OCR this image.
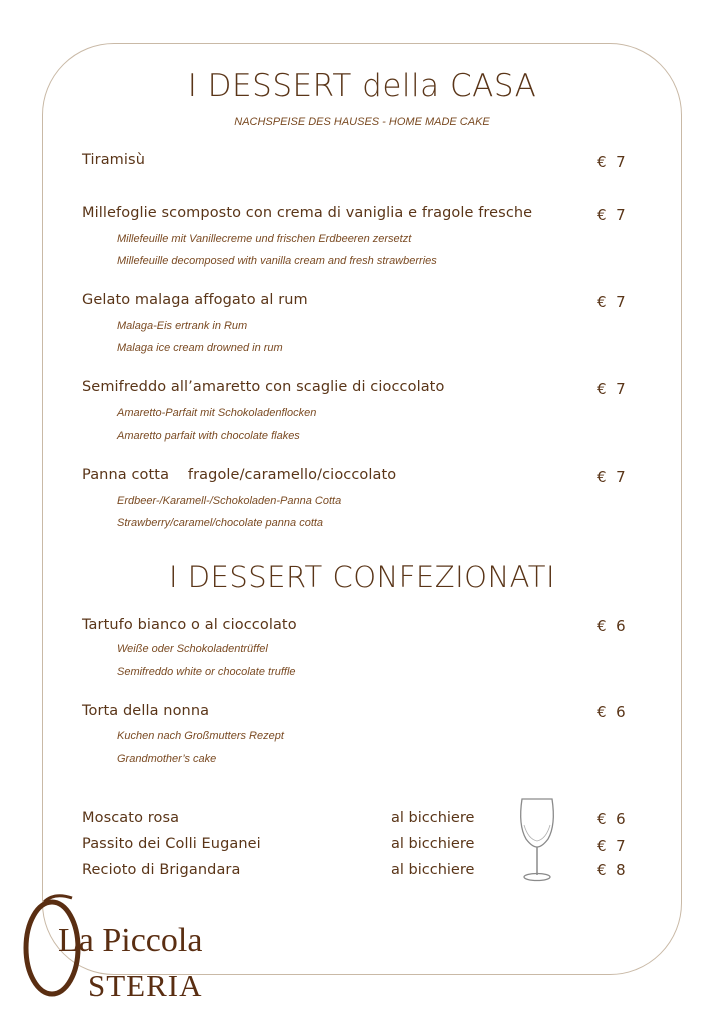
I DESSERT della CASA
NACHSPEISE DES HAUSES - HOME MADE CAKE
Tiramisù	€  7
Millefoglie scomposto con crema di vaniglia e fragole fresche	€  7
Millefeuille mit Vanillecreme und frischen Erdbeeren zersetzt
Millefeuille decomposed with vanilla cream and fresh strawberries
Gelato malaga affogato al rum	€  7
Malaga-Eis ertrank in Rum
Malaga ice cream drowned in rum
Semifreddo all’amaretto con scaglie di cioccolato	€  7
Amaretto-Parfait mit Schokoladenflocken
Amaretto parfait with chocolate flakes
Panna cotta    fragole/caramello/cioccolato	€  7
Erdbeer-/Karamell-/Schokoladen-Panna Cotta
Strawberry/caramel/chocolate panna cotta
I DESSERT CONFEZIONATI
Tartufo bianco o al cioccolato	€  6
Weiße oder Schokoladentrüffel
Semifreddo white or chocolate truffle
Torta della nonna	€  6
Kuchen nach Großmutters Rezept
Grandmother’s cake
Moscato rosa	al bicchiere	€  6
Passito dei Colli Euganei	al bicchiere	€  7
Recioto di Brigandara	al bicchiere	€  8
La Piccola
STERIA
